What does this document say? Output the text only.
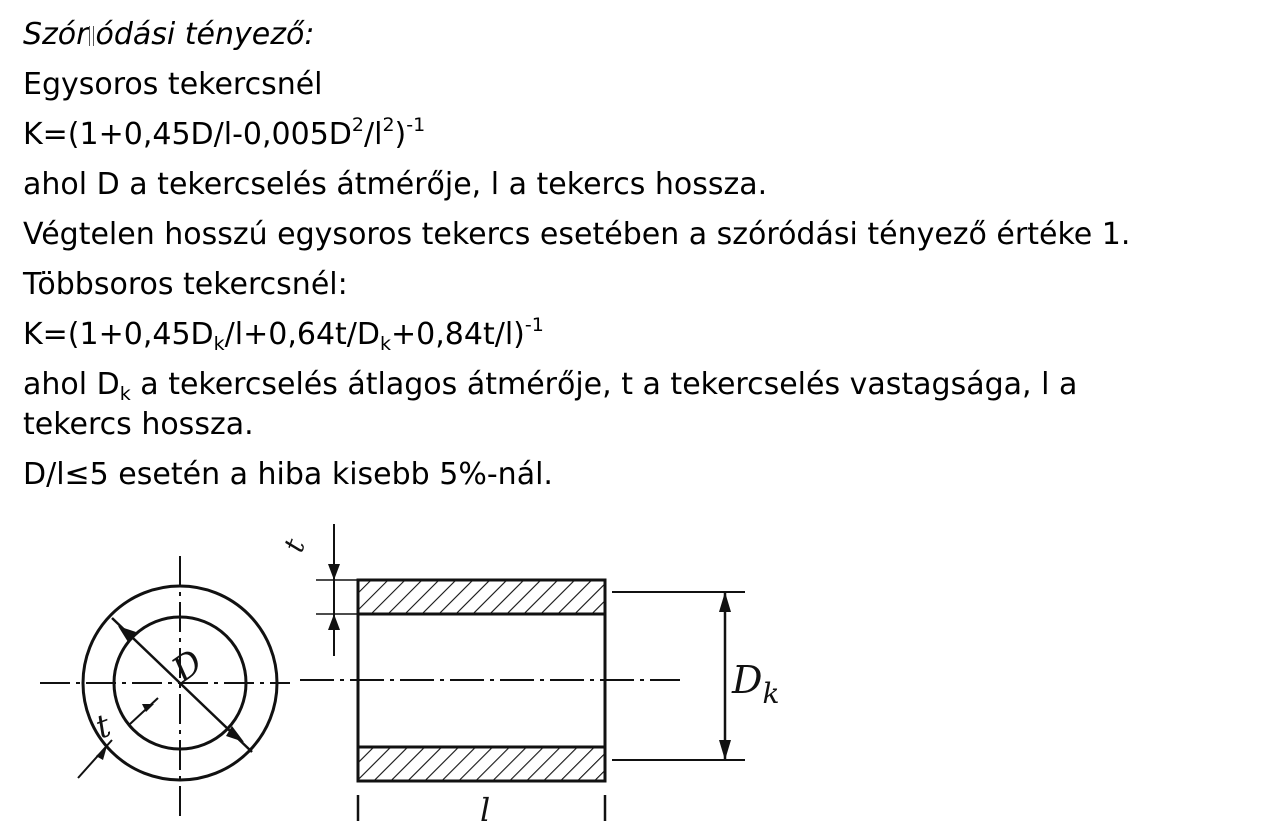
Szór ódási tényező:
Egysoros tekercsnél
$K=(1+0,45D/l-0,005D^2/l^2)^{-1}$
ahol D a tekercselés átmérője, l a tekercs hossza.
Végtelen hosszú egysoros tekercs esetében a szóródási tényező értéke 1.
Többsoros tekercsnél:
$K=(1+0,45D_k/l+0,64t/D_k+0,84t/l)^{-1}$
ahol $D_k$ a tekercselés átlagos átmérője, t a tekercselés vastagsága, l a
tekercs hossza.
D/l≤5 esetén a hiba kisebb 5%-nál.
D
t
t
$D_k$
l
